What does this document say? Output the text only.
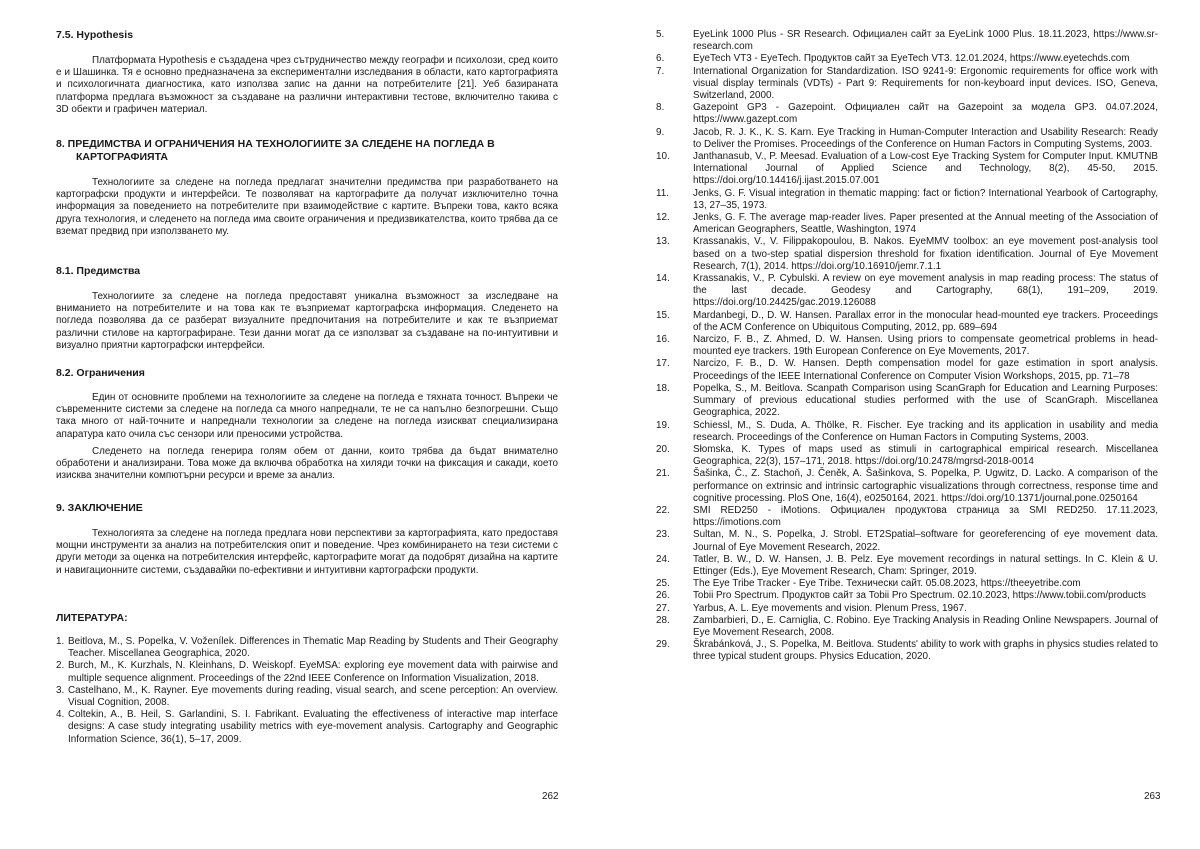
7.5. Hypothesis

Платформата Hypothesis е създадена чрез сътрудничество между географи и психолози, сред които е и Шашинка. Тя е основно предназначена за експериментални изследвания в области, като картографията и психологичната диагностика, като използва запис на данни на потребителите [21]. Уеб базираната платформа предлага възможност за създаване на различни интерактивни тестове, включително такива с 3D обекти и графичен материал.

8. ПРЕДИМСТВА И ОГРАНИЧЕНИЯ НА ТЕХНОЛОГИИТЕ ЗА СЛЕДЕНЕ НА ПОГЛЕДА В КАРТОГРАФИЯТА

Технологиите за следене на погледа предлагат значителни предимства при разработването на картографски продукти и интерфейси. Те позволяват на картографите да получат изключително точна информация за поведението на потребителите при взаимодействие с картите. Въпреки това, както всяка друга технология, и следенето на погледа има своите ограничения и предизвикателства, които трябва да се вземат предвид при използването му.

8.1. Предимства

Технологиите за следене на погледа предоставят уникална възможност за изследване на вниманието на потребителите и на това как те възприемат картографска информация. Следенето на погледа позволява да се разберат визуалните предпочитания на потребителите и как те възприемат различни стилове на картографиране. Тези данни могат да се използват за създаване на по-интуитивни и визуално приятни картографски интерфейси.

8.2. Ограничения

Един от основните проблеми на технологиите за следене на погледа е тяхната точност. Въпреки че съвременните системи за следене на погледа са много напреднали, те не са напълно безпогрешни. Също така много от най-точните и напреднали технологии за следене на погледа изискват специализирана апаратура като очила със сензори или преносими устройства.

Следенето на погледа генерира голям обем от данни, които трябва да бъдат внимателно обработени и анализирани. Това може да включва обработка на хиляди точки на фиксация и сакади, което изисква значителни компютърни ресурси и време за анализ.

9. ЗАКЛЮЧЕНИЕ

Технологията за следене на погледа предлага нови перспективи за картографията, като предоставя мощни инструменти за анализ на потребителския опит и поведение. Чрез комбинирането на тези системи с други методи за оценка на потребителския интерфейс, картографите могат да подобрят дизайна на картите и навигационните системи, създавайки по-ефективни и интуитивни картографски продукти.

ЛИТЕРАТУРА:

1. Beitlova, M., S. Popelka, V. Voženílek. Differences in Thematic Map Reading by Students and Their Geography Teacher. Miscellanea Geographica, 2020.
2. Burch, M., K. Kurzhals, N. Kleinhans, D. Weiskopf. EyeMSA: exploring eye movement data with pairwise and multiple sequence alignment. Proceedings of the 22nd IEEE Conference on Information Visualization, 2018.
3. Castelhano, M., K. Rayner. Eye movements during reading, visual search, and scene perception: An overview. Visual Cognition, 2008.
4. Coltekin, A., B. Heil, S. Garlandini, S. I. Fabrikant. Evaluating the effectiveness of interactive map interface designs: A case study integrating usability metrics with eye-movement analysis. Cartography and Geographic Information Science, 36(1), 5–17, 2009.
262
5.	EyeLink 1000 Plus - SR Research. Официален сайт за EyeLink 1000 Plus. 18.11.2023, https://www.sr-research.com
6.	EyeTech VT3 - EyeTech. Продуктов сайт за EyeTech VT3. 12.01.2024, https://www.eyetechds.com
7.	International Organization for Standardization. ISO 9241-9: Ergonomic requirements for office work with visual display terminals (VDTs) - Part 9: Requirements for non-keyboard input devices. ISO, Geneva, Switzerland, 2000.
8.	Gazepoint GP3 - Gazepoint. Официален сайт на Gazepoint за модела GP3. 04.07.2024, https://www.gazept.com
9.	Jacob, R. J. K., K. S. Karn. Eye Tracking in Human-Computer Interaction and Usability Research: Ready to Deliver the Promises. Proceedings of the Conference on Human Factors in Computing Systems, 2003.
10. Janthanasub, V., P. Meesad. Evaluation of a Low-cost Eye Tracking System for Computer Input. KMUTNB International Journal of Applied Science and Technology, 8(2), 45-50, 2015. https://doi.org/10.14416/j.ijast.2015.07.001
11. Jenks, G. F. Visual integration in thematic mapping: fact or fiction? International Yearbook of Cartography, 13, 27–35, 1973.
12. Jenks, G. F. The average map-reader lives. Paper presented at the Annual meeting of the Association of American Geographers, Seattle, Washington, 1974
13. Krassanakis, V., V. Filippakopoulou, B. Nakos. EyeMMV toolbox: an eye movement post-analysis tool based on a two-step spatial dispersion threshold for fixation identification. Journal of Eye Movement Research, 7(1), 2014. https://doi.org/10.16910/jemr.7.1.1
14. Krassanakis, V., P. Cybulski. A review on eye movement analysis in map reading process: The status of the last decade. Geodesy and Cartography, 68(1), 191–209, 2019. https://doi.org/10.24425/gac.2019.126088
15. Mardanbegi, D., D. W. Hansen. Parallax error in the monocular head-mounted eye trackers. Proceedings of the ACM Conference on Ubiquitous Computing, 2012, pp. 689–694
16. Narcizo, F. B., Z. Ahmed, D. W. Hansen. Using priors to compensate geometrical problems in head-mounted eye trackers. 19th European Conference on Eye Movements, 2017.
17. Narcizo, F. B., D. W. Hansen. Depth compensation model for gaze estimation in sport analysis. Proceedings of the IEEE International Conference on Computer Vision Workshops, 2015, pp. 71–78
18. Popelka, S., M. Beitlova. Scanpath Comparison using ScanGraph for Education and Learning Purposes: Summary of previous educational studies performed with the use of ScanGraph. Miscellanea Geographica, 2022.
19. Schiessl, M., S. Duda, A. Thölke, R. Fischer. Eye tracking and its application in usability and media research. Proceedings of the Conference on Human Factors in Computing Systems, 2003.
20. Słomska, K. Types of maps used as stimuli in cartographical empirical research. Miscellanea Geographica, 22(3), 157–171, 2018. https://doi.org/10.2478/mgrsd-2018-0014
21. Šašinka, Č., Z. Stachoň, J. Čeněk, A. Šašinkova, S. Popelka, P. Ugwitz, D. Lacko. A comparison of the performance on extrinsic and intrinsic cartographic visualizations through correctness, response time and cognitive processing. PloS One, 16(4), e0250164, 2021. https://doi.org/10.1371/journal.pone.0250164
22. SMI RED250 - iMotions. Официален продуктова страница за SMI RED250. 17.11.2023, https://imotions.com
23. Sultan, M. N., S. Popelka, J. Strobl. ET2Spatial–software for georeferencing of eye movement data. Journal of Eye Movement Research, 2022.
24. Tatler, B. W., D. W. Hansen, J. B. Pelz. Eye movement recordings in natural settings. In C. Klein & U. Ettinger (Eds.), Eye Movement Research, Cham: Springer, 2019.
25. The Eye Tribe Tracker - Eye Tribe. Технически сайт. 05.08.2023, https://theeyetribe.com
26. Tobii Pro Spectrum. Продуктов сайт за Tobii Pro Spectrum. 02.10.2023, https://www.tobii.com/products
27. Yarbus, A. L. Eye movements and vision. Plenum Press, 1967.
28. Zambarbieri, D., E. Carniglia, C. Robino. Eye Tracking Analysis in Reading Online Newspapers. Journal of Eye Movement Research, 2008.
29. Škrabánková, J., S. Popelka, M. Beitlova. Students' ability to work with graphs in physics studies related to three typical student groups. Physics Education, 2020.
263
